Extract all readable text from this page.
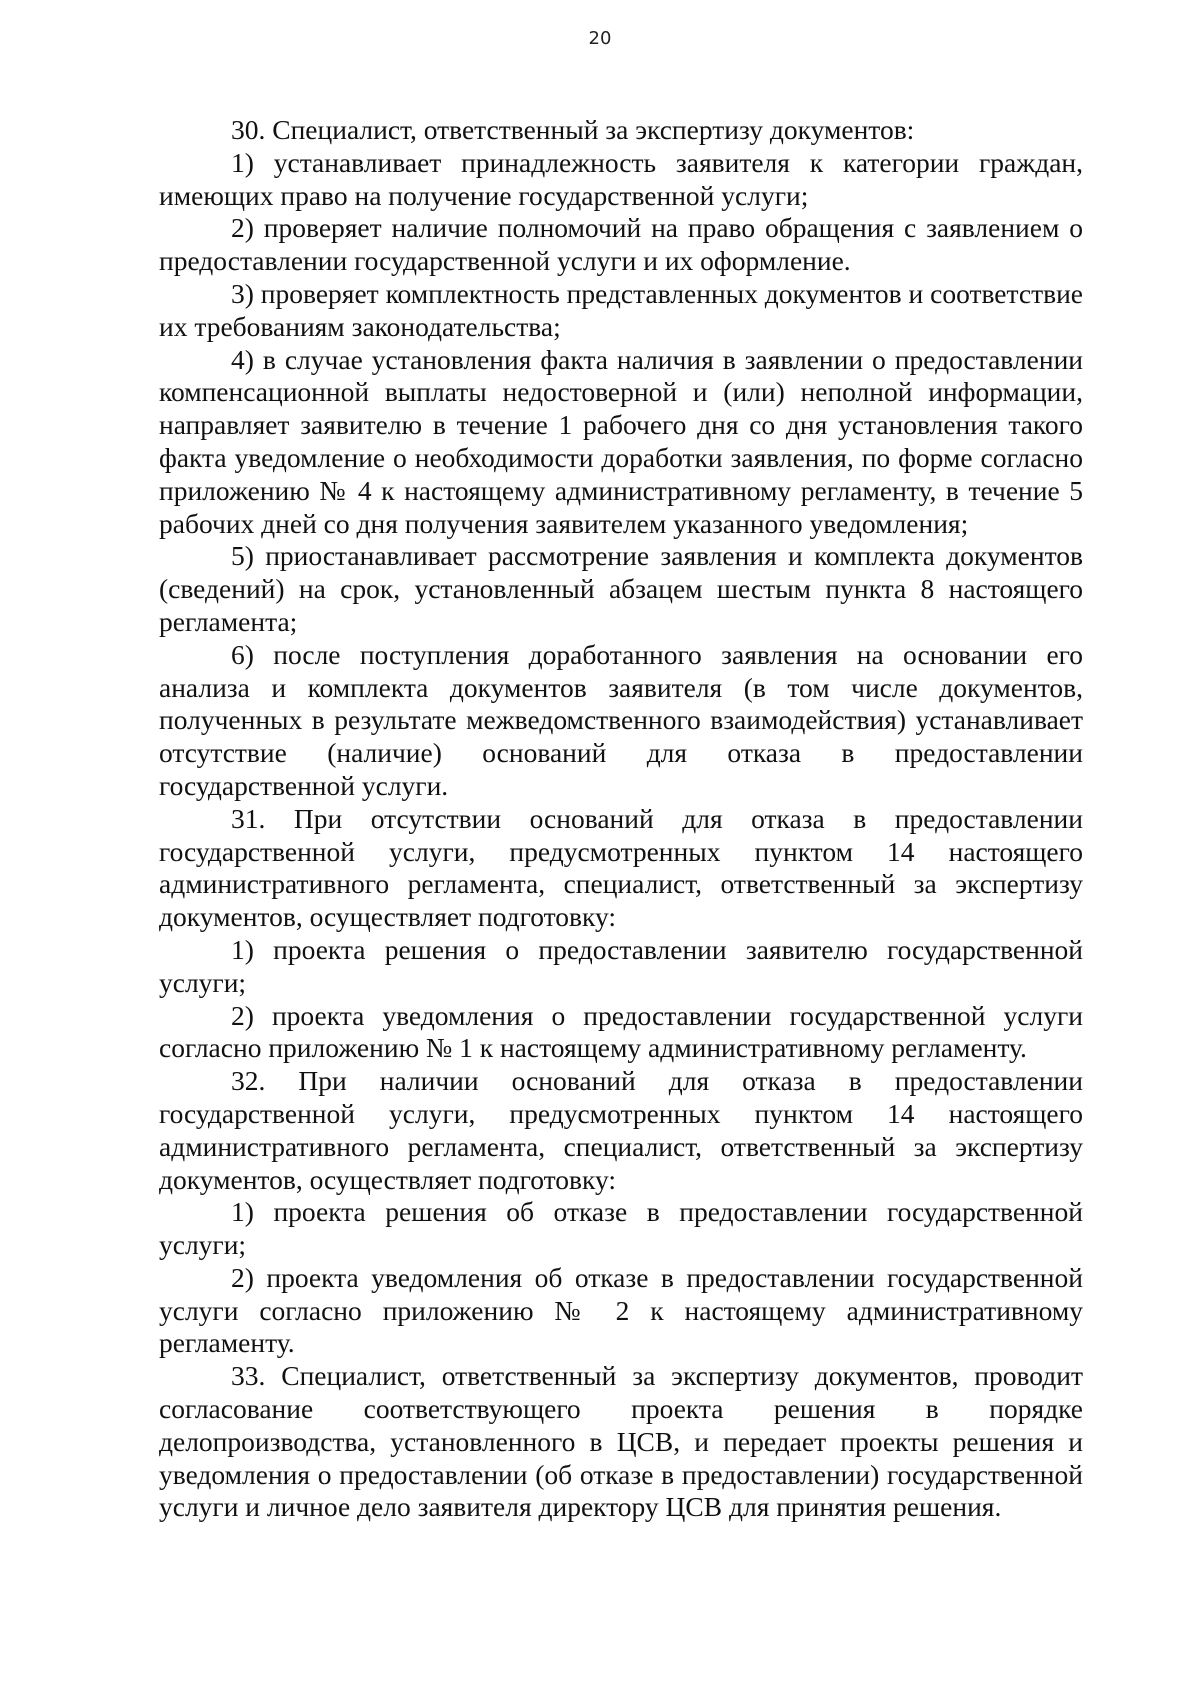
20

30. Специалист, ответственный за экспертизу документов:

1) устанавливает принадлежность заявителя к категории граждан, имеющих право на получение государственной услуги;

2) проверяет наличие полномочий на право обращения с заявлением о предоставлении государственной услуги и их оформление.

3) проверяет комплектность представленных документов и соответствие их требованиям законодательства;

4) в случае установления факта наличия в заявлении о предоставлении компенсационной выплаты недостоверной и (или) неполной информации, направляет заявителю в течение 1 рабочего дня со дня установления такого факта уведомление о необходимости доработки заявления, по форме согласно приложению № 4 к настоящему административному регламенту, в течение 5 рабочих дней со дня получения заявителем указанного уведомления;

5) приостанавливает рассмотрение заявления и комплекта документов (сведений) на срок, установленный абзацем шестым пункта 8 настоящего регламента;

6) после поступления доработанного заявления на основании его анализа и комплекта документов заявителя (в том числе документов, полученных в результате межведомственного взаимодействия) устанавливает отсутствие (наличие) оснований для отказа в предоставлении государственной услуги.

31. При отсутствии оснований для отказа в предоставлении государственной услуги, предусмотренных пунктом 14 настоящего административного регламента, специалист, ответственный за экспертизу документов, осуществляет подготовку:

1) проекта решения о предоставлении заявителю государственной услуги;

2) проекта уведомления о предоставлении государственной услуги согласно приложению № 1 к настоящему административному регламенту.

32. При наличии оснований для отказа в предоставлении государственной услуги, предусмотренных пунктом 14 настоящего административного регламента, специалист, ответственный за экспертизу документов, осуществляет подготовку:

1) проекта решения об отказе в предоставлении государственной услуги;

2) проекта уведомления об отказе в предоставлении государственной услуги согласно приложению № 2 к настоящему административному регламенту.

33. Специалист, ответственный за экспертизу документов, проводит согласование соответствующего проекта решения в порядке делопроизводства, установленного в ЦСВ, и передает проекты решения и уведомления о предоставлении (об отказе в предоставлении) государственной услуги и личное дело заявителя директору ЦСВ для принятия решения.
